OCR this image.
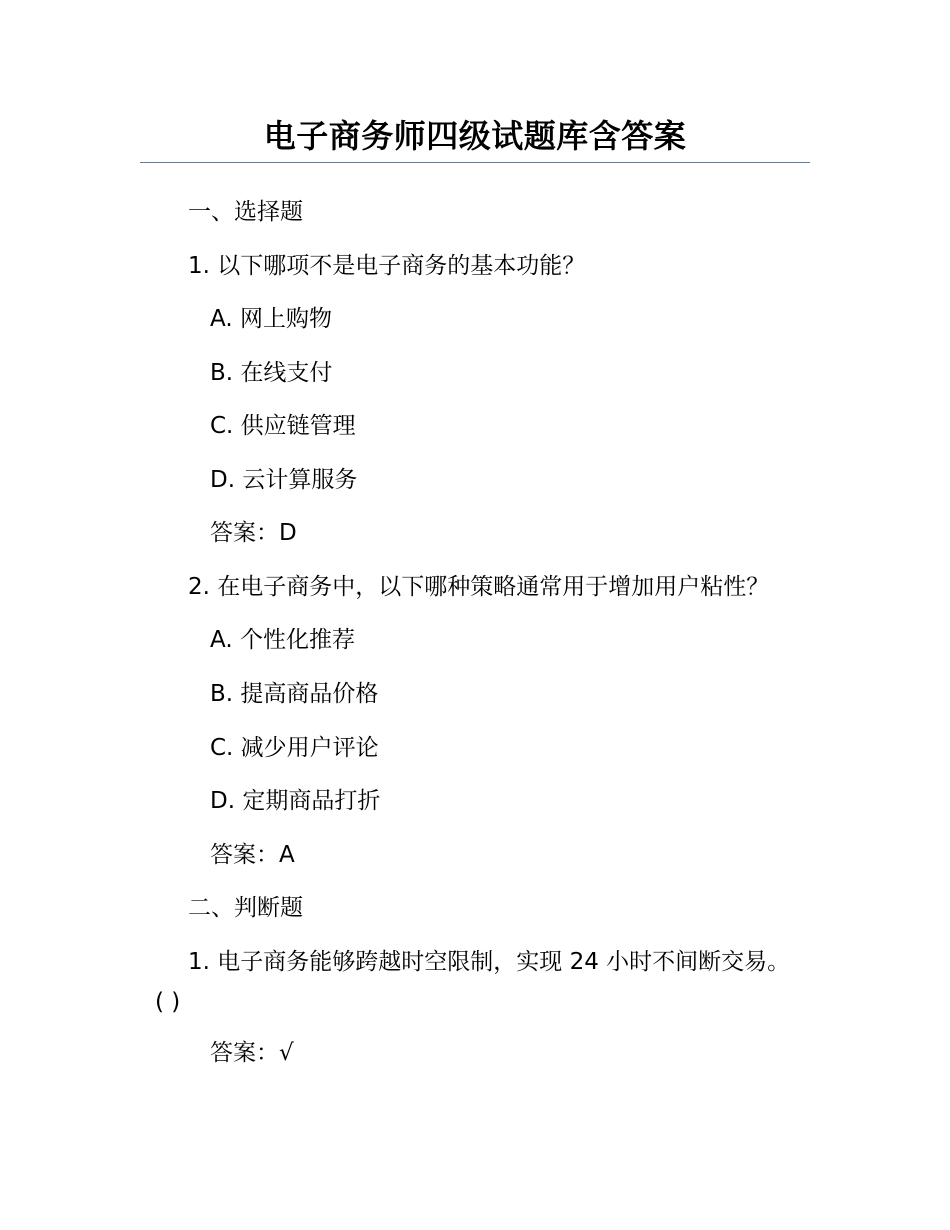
电子商务师四级试题库含答案
一、选择题
1. 以下哪项不是电子商务的基本功能？
A. 网上购物
B. 在线支付
C. 供应链管理
D. 云计算服务
答案：D
2. 在电子商务中，以下哪种策略通常用于增加用户粘性？
A. 个性化推荐
B. 提高商品价格
C. 减少用户评论
D. 定期商品打折
答案：A
二、判断题
1. 电子商务能够跨越时空限制，实现 24 小时不间断交易。
( )
答案：√
